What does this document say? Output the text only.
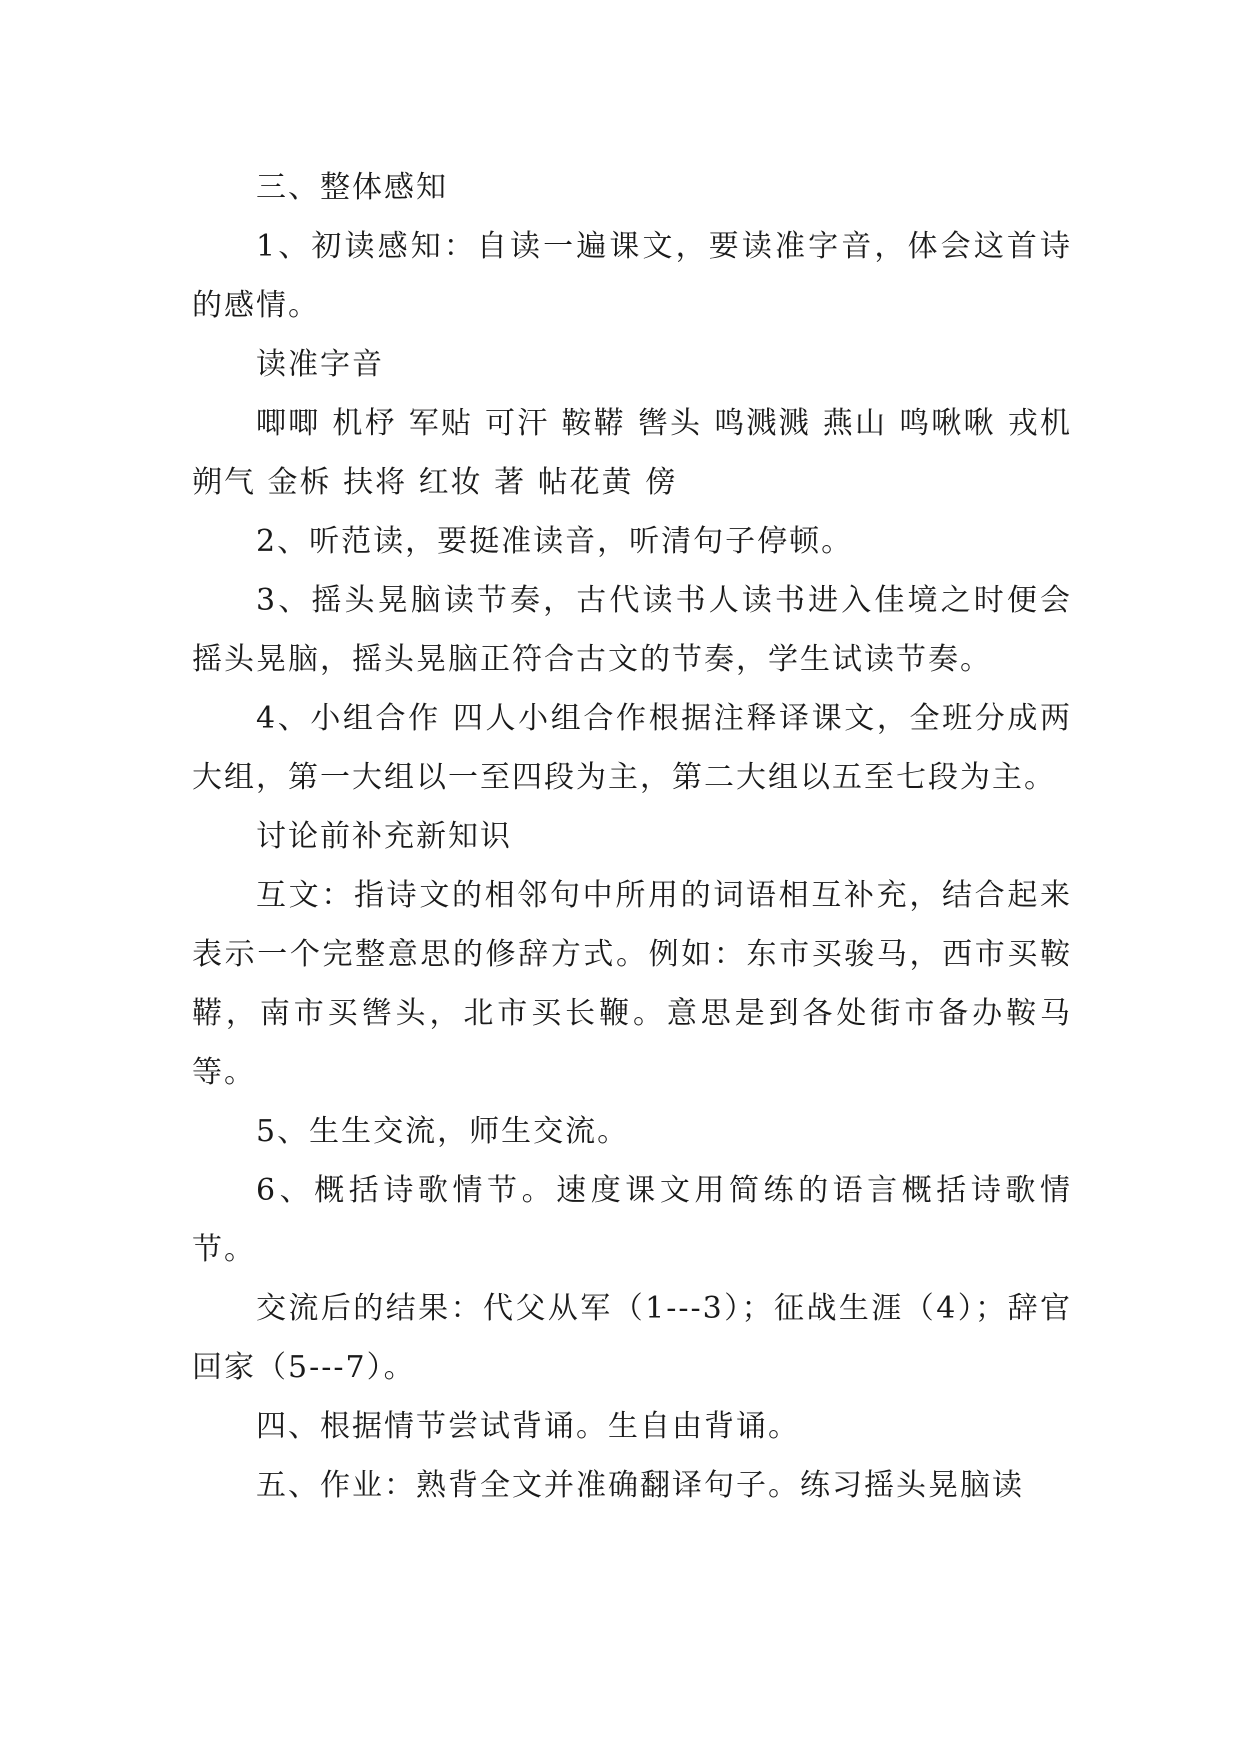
三、整体感知

1、初读感知：自读一遍课文，要读准字音，体会这首诗的感情。

读准字音

唧唧 机杼 军贴 可汗 鞍鞯 辔头 鸣溅溅 燕山 鸣啾啾 戎机 朔气 金柝 扶将 红妆 著 帖花黄 傍

2、听范读，要挺准读音，听清句子停顿。

3、摇头晃脑读节奏，古代读书人读书进入佳境之时便会摇头晃脑，摇头晃脑正符合古文的节奏，学生试读节奏。

4、小组合作 四人小组合作根据注释译课文，全班分成两大组，第一大组以一至四段为主，第二大组以五至七段为主。

讨论前补充新知识

互文：指诗文的相邻句中所用的词语相互补充，结合起来表示一个完整意思的修辞方式。例如：东市买骏马，西市买鞍鞯，南市买辔头，北市买长鞭。意思是到各处街市备办鞍马等。

5、生生交流，师生交流。

6、概括诗歌情节。速度课文用简练的语言概括诗歌情节。

交流后的结果：代父从军（1---3）；征战生涯（4）；辞官回家（5---7）。

四、根据情节尝试背诵。生自由背诵。

五、作业：熟背全文并准确翻译句子。练习摇头晃脑读
